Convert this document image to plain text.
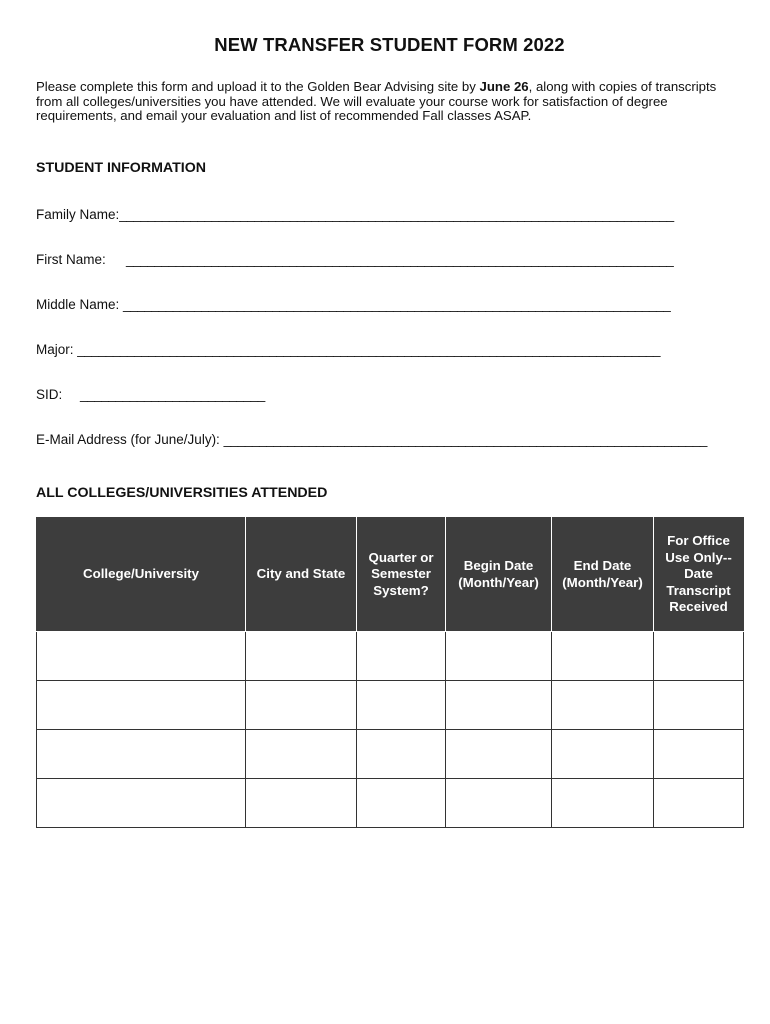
NEW TRANSFER STUDENT FORM 2022
Please complete this form and upload it to the Golden Bear Advising site by June 26, along with copies of transcripts from all colleges/universities you have attended. We will evaluate your course work for satisfaction of degree requirements, and email your evaluation and list of recommended Fall classes ASAP.
STUDENT INFORMATION
Family Name:______________________________________________________________________________
First Name: _____________________________________________________________________________
Middle Name: _____________________________________________________________________________
Major: __________________________________________________________________________________
SID: __________________________
E-Mail Address (for June/July): ____________________________________________________________________
ALL COLLEGES/UNIVERSITIES ATTENDED
College/University	City and State	Quarter or Semester System?	Begin Date (Month/Year)	End Date (Month/Year)	For Office Use Only-- Date Transcript Received
